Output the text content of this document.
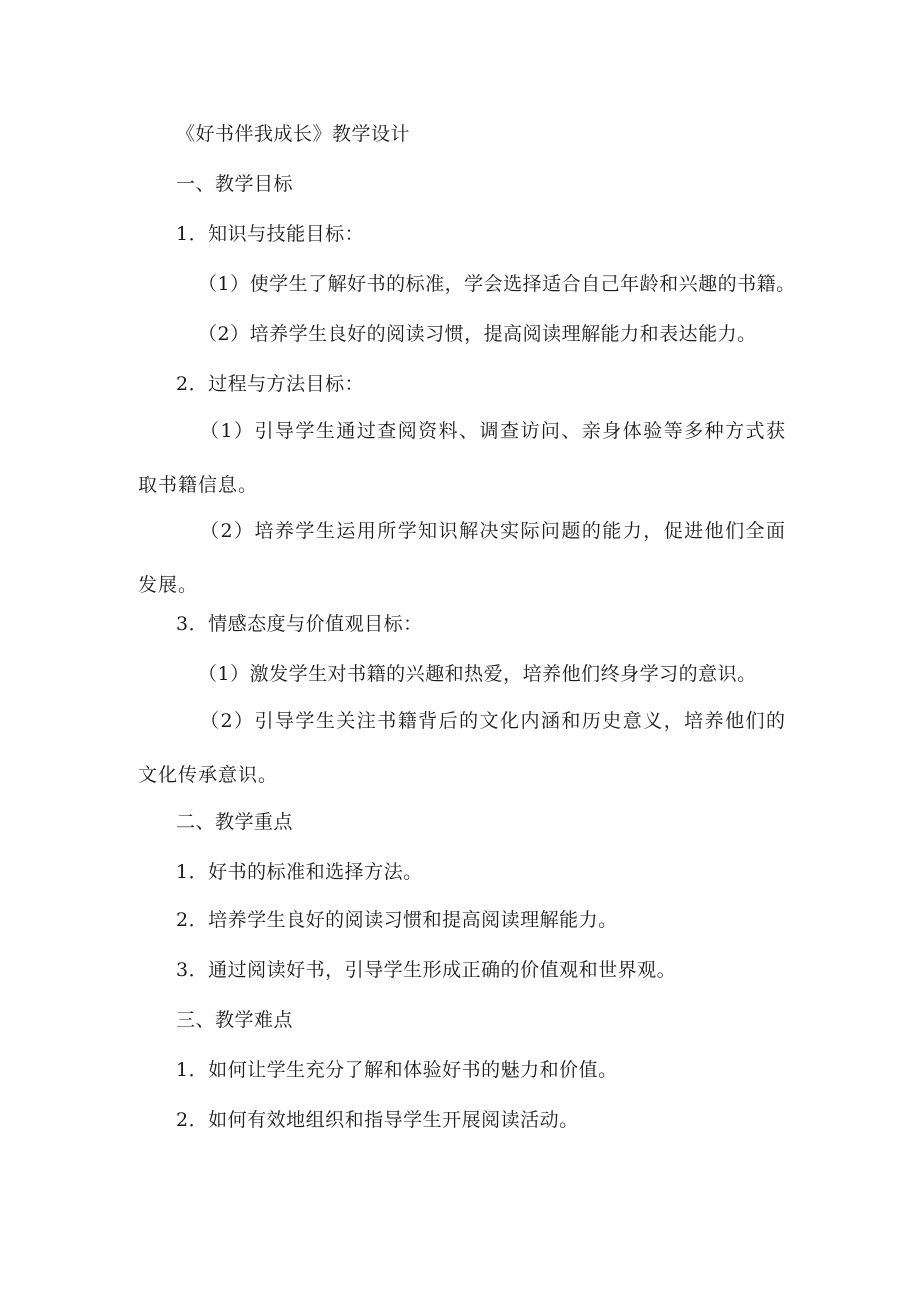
《好书伴我成长》教学设计
一、教学目标
1．知识与技能目标：
（1）使学生了解好书的标准，学会选择适合自己年龄和兴趣的书籍。
（2）培养学生良好的阅读习惯，提高阅读理解能力和表达能力。
2．过程与方法目标：
（1）引导学生通过查阅资料、调查访问、亲身体验等多种方式获取书籍信息。
（2）培养学生运用所学知识解决实际问题的能力，促进他们全面发展。
3．情感态度与价值观目标：
（1）激发学生对书籍的兴趣和热爱，培养他们终身学习的意识。
（2）引导学生关注书籍背后的文化内涵和历史意义，培养他们的文化传承意识。
二、教学重点
1．好书的标准和选择方法。
2．培养学生良好的阅读习惯和提高阅读理解能力。
3．通过阅读好书，引导学生形成正确的价值观和世界观。
三、教学难点
1．如何让学生充分了解和体验好书的魅力和价值。
2．如何有效地组织和指导学生开展阅读活动。
